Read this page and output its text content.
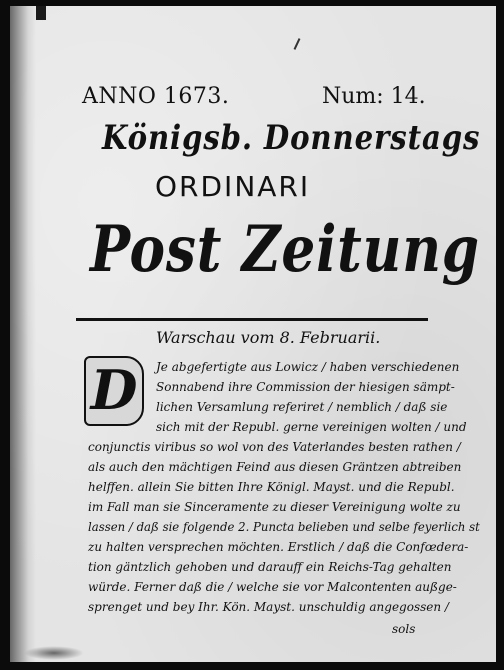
ANNO 1673.	Num: 14.
Königsb. Donnerstags
ORDINARI
Post Zeitung
Warschau vom 8. Februarii.
D	Je abgefertigte aus Lowicz / haben verschiedenen
Sonnabend ihre Commission der hiesigen sämpt-
lichen Versamlung referiret / nemblich / daß sie
sich mit der Republ. gerne vereinigen wolten / und
conjunctis viribus so wol von des Vaterlandes besten rathen /
als auch den mächtigen Feind aus diesen Gräntzen abtreiben
helffen. allein Sie bitten Ihre Königl. Mayst. und die Republ.
im Fall man sie Sinceramente zu dieser Vereinigung wolte zu
lassen / daß sie folgende 2. Puncta belieben und selbe feyerlich st
zu halten versprechen möchten. Erstlich / daß die Confœdera-
tion gäntzlich gehoben und darauff ein Reichs-Tag gehalten
würde. Ferner daß die / welche sie vor Malcontenten außge-
sprenget und bey Ihr. Kön. Mayst. unschuldig angegossen /
sols
